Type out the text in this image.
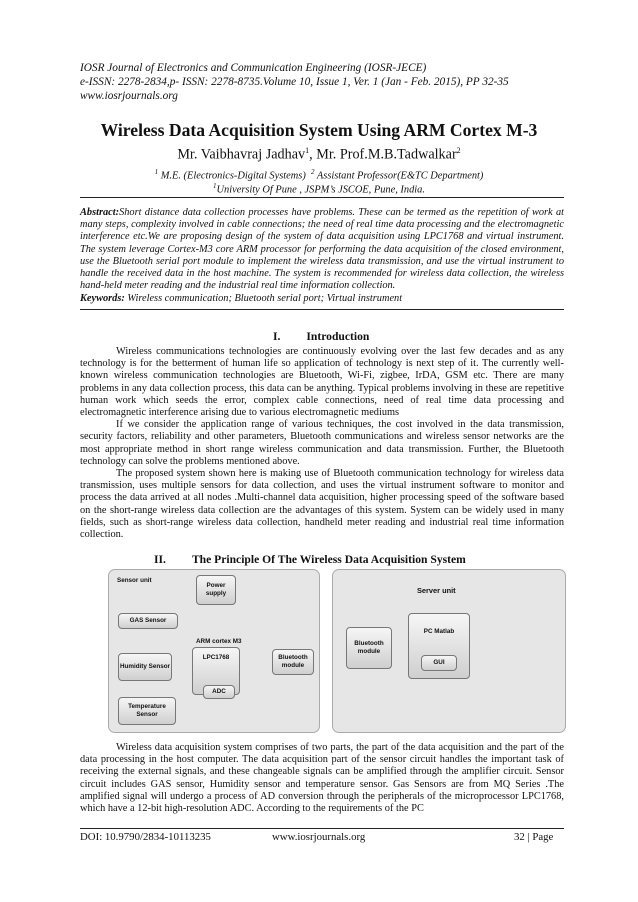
IOSR Journal of Electronics and Communication Engineering (IOSR-JECE)
e-ISSN: 2278-2834,p- ISSN: 2278-8735.Volume 10, Issue 1, Ver. 1 (Jan - Feb. 2015), PP 32-35
www.iosrjournals.org
Wireless Data Acquisition System Using ARM Cortex M-3
Mr. Vaibhavraj Jadhav$^1$, Mr. Prof.M.B.Tadwalkar$^2$
$^1$ M.E. (Electronics-Digital Systems) $^2$ Assistant Professor(E&TC Department)
$^1$University Of Pune , JSPM’s JSCOE, Pune, India.
Abstract:Short distance data collection processes have problems. These can be termed as the repetition of work at many steps, complexity involved in cable connections; the need of real time data processing and the electromagnetic interference etc.We are proposing design of the system of data acquisition using LPC1768 and virtual instrument. The system leverage Cortex-M3 core ARM processor for performing the data acquisition of the closed environment, use the Bluetooth serial port module to implement the wireless data transmission, and use the virtual instrument to handle the received data in the host machine. The system is recommended for wireless data collection, the wireless hand-held meter reading and the industrial real time information collection.
Keywords: Wireless communication; Bluetooth serial port; Virtual instrument
I. Introduction

Wireless communications technologies are continuously evolving over the last few decades and as any technology is for the betterment of human life so application of technology is next step of it. The currently well-known wireless communication technologies are Bluetooth, Wi-Fi, zigbee, IrDA, GSM etc. There are many problems in any data collection process, this data can be anything. Typical problems involving in these are repetitive human work which seeds the error, complex cable connections, need of real time data processing and electromagnetic interference arising due to various electromagnetic mediums

If we consider the application range of various techniques, the cost involved in the data transmission, security factors, reliability and other parameters, Bluetooth communications and wireless sensor networks are the most appropriate method in short range wireless communication and data transmission. Further, the Bluetooth technology can solve the problems mentioned above.

The proposed system shown here is making use of Bluetooth communication technology for wireless data transmission, uses multiple sensors for data collection, and uses the virtual instrument software to monitor and process the data arrived at all nodes .Multi-channel data acquisition, higher processing speed of the software based on the short-range wireless data collection are the advantages of this system. System can be widely used in many fields, such as short-range wireless data collection, handheld meter reading and industrial real time information collection.

II. The Principle Of The Wireless Data Acquisition System
Sensor unit
Power supply
GAS Sensor
ARM cortex M3
LPC1768
ADC
Humidity Sensor
Bluetooth module
Temperature Sensor
Server unit
Bluetooth module
PC Matlab
GUI

Wireless data acquisition system comprises of two parts, the part of the data acquisition and the part of the data processing in the host computer. The data acquisition part of the sensor circuit handles the important task of receiving the external signals, and these changeable signals can be amplified through the amplifier circuit. Sensor circuit includes GAS sensor, Humidity sensor and temperature sensor. Gas Sensors are from MQ Series .The amplified signal will undergo a process of AD conversion through the peripherals of the microprocessor LPC1768, which have a 12-bit high-resolution ADC. According to the requirements of the PC

DOI: 10.9790/2834-10113235	www.iosrjournals.org	32 | Page
